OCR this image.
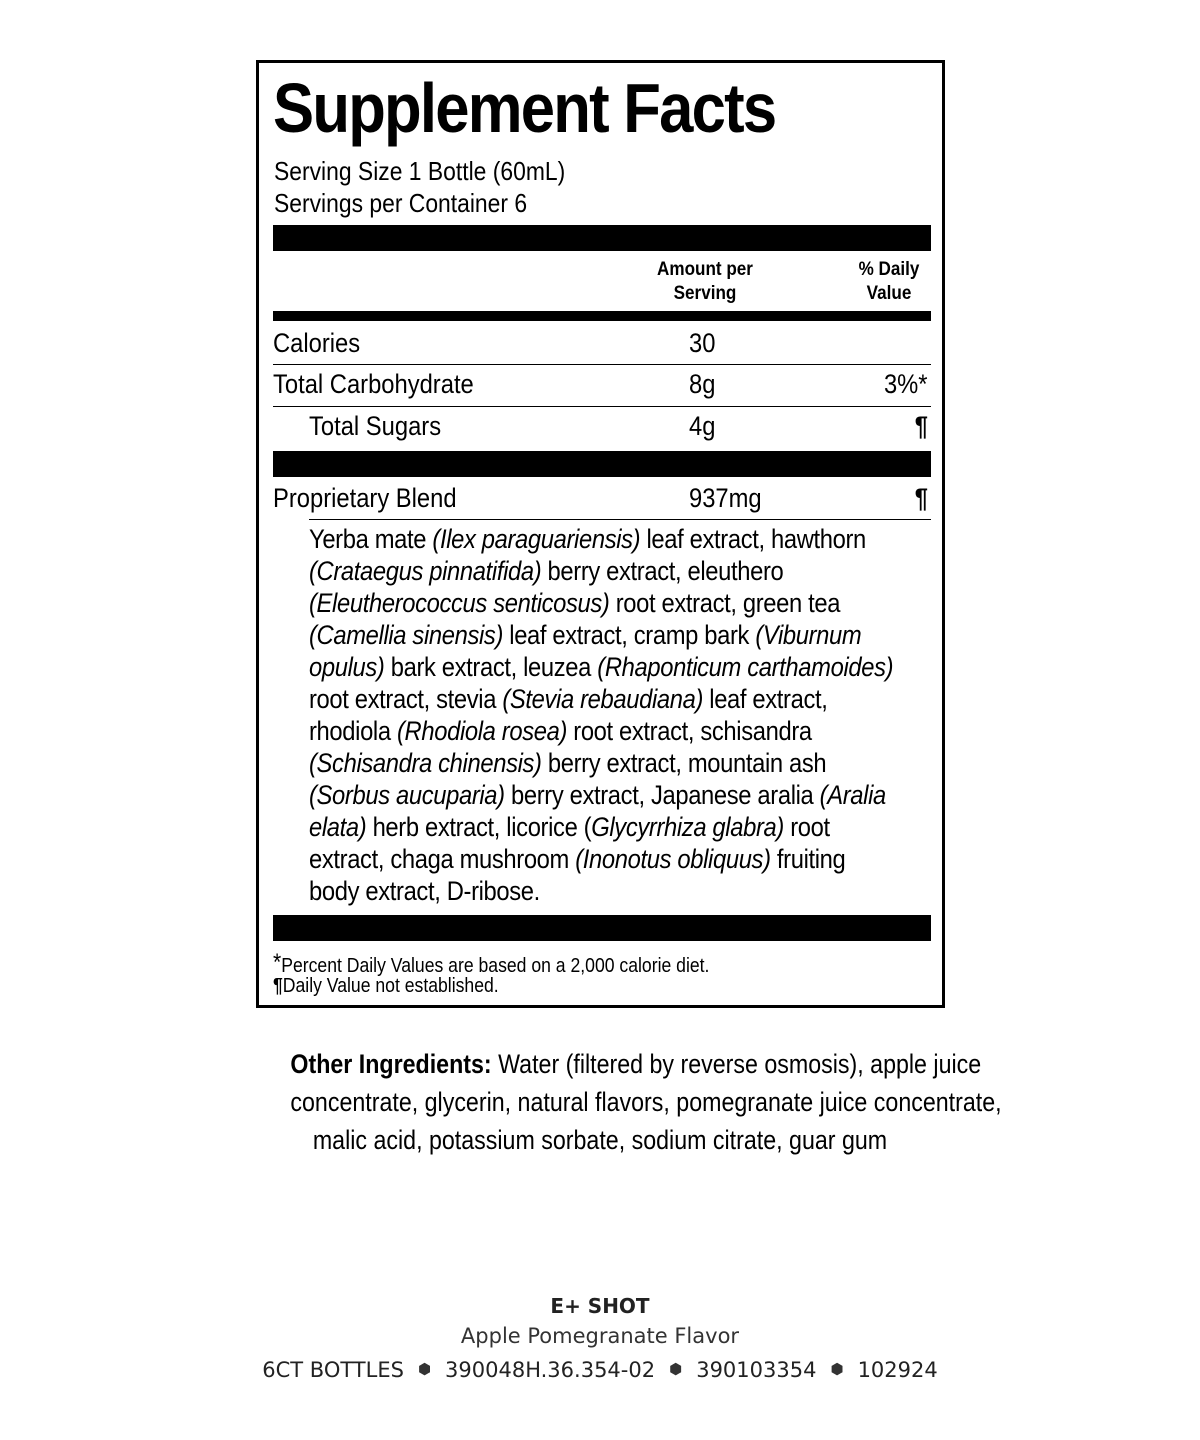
Supplement Facts
Serving Size 1 Bottle (60mL)
Servings per Container 6
Amount per
Serving
% Daily
Value
Calories	30
Total Carbohydrate	8g	3%*
Total Sugars	4g	¶
Proprietary Blend	937mg	¶

Yerba mate (Ilex paraguariensis) leaf extract, hawthorn
(Crataegus pinnatifida) berry extract, eleuthero
(Eleutherococcus senticosus) root extract, green tea
(Camellia sinensis) leaf extract, cramp bark (Viburnum
opulus) bark extract, leuzea (Rhaponticum carthamoides)
root extract, stevia (Stevia rebaudiana) leaf extract,
rhodiola (Rhodiola rosea) root extract, schisandra
(Schisandra chinensis) berry extract, mountain ash
(Sorbus aucuparia) berry extract, Japanese aralia (Aralia
elata) herb extract, licorice (Glycyrrhiza glabra) root
extract, chaga mushroom (Inonotus obliquus) fruiting
body extract, D-ribose.

*Percent Daily Values are based on a 2,000 calorie diet.
¶Daily Value not established.

Other Ingredients: Water (filtered by reverse osmosis), apple juice
concentrate, glycerin, natural flavors, pomegranate juice concentrate,
malic acid, potassium sorbate, sodium citrate, guar gum

E+ SHOT
Apple Pomegranate Flavor
6CT BOTTLES ⬢ 390048H.36.354-02 ⬢ 390103354 ⬢ 102924
